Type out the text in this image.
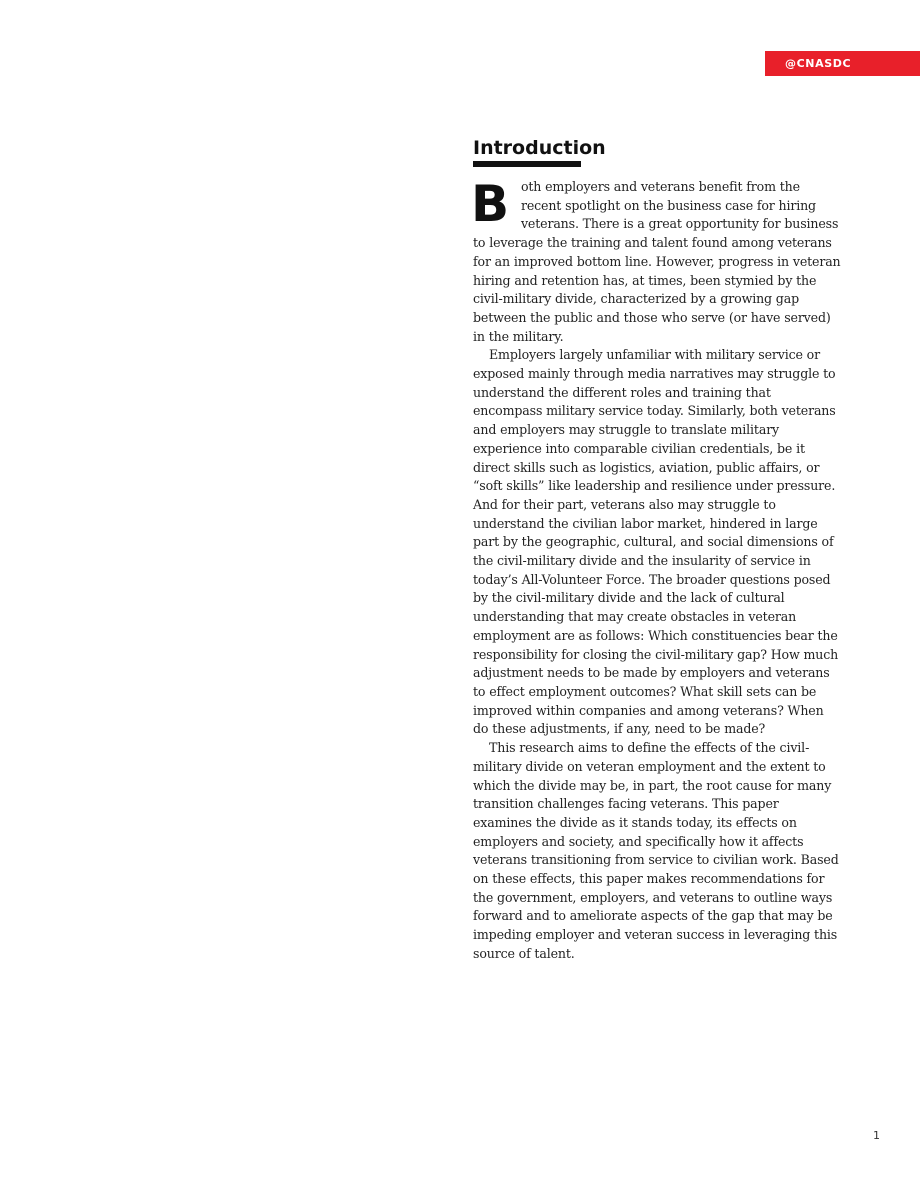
@CNASDC
Introduction

Both employers and veterans benefit from the recent spotlight on the business case for hiring veterans. There is a great opportunity for business to leverage the training and talent found among veterans for an improved bottom line. However, progress in veteran hiring and retention has, at times, been stymied by the civil-military divide, characterized by a growing gap between the public and those who serve (or have served) in the military.

Employers largely unfamiliar with military service or exposed mainly through media narratives may struggle to understand the different roles and training that encompass military service today. Similarly, both veterans and employers may struggle to translate military experience into comparable civilian credentials, be it direct skills such as logistics, aviation, public affairs, or “soft skills” like leadership and resilience under pressure. And for their part, veterans also may struggle to understand the civilian labor market, hindered in large part by the geographic, cultural, and social dimensions of the civil-military divide and the insularity of service in today’s All-Volunteer Force. The broader questions posed by the civil-military divide and the lack of cultural understanding that may create obstacles in veteran employment are as follows: Which constituencies bear the responsibility for closing the civil-military gap? How much adjustment needs to be made by employers and veterans to effect employment outcomes? What skill sets can be improved within companies and among veterans? When do these adjustments, if any, need to be made?

This research aims to define the effects of the civil-military divide on veteran employment and the extent to which the divide may be, in part, the root cause for many transition challenges facing veterans. This paper examines the divide as it stands today, its effects on employers and society, and specifically how it affects veterans transitioning from service to civilian work. Based on these effects, this paper makes recommendations for the government, employers, and veterans to outline ways forward and to ameliorate aspects of the gap that may be impeding employer and veteran success in leveraging this source of talent.

1
